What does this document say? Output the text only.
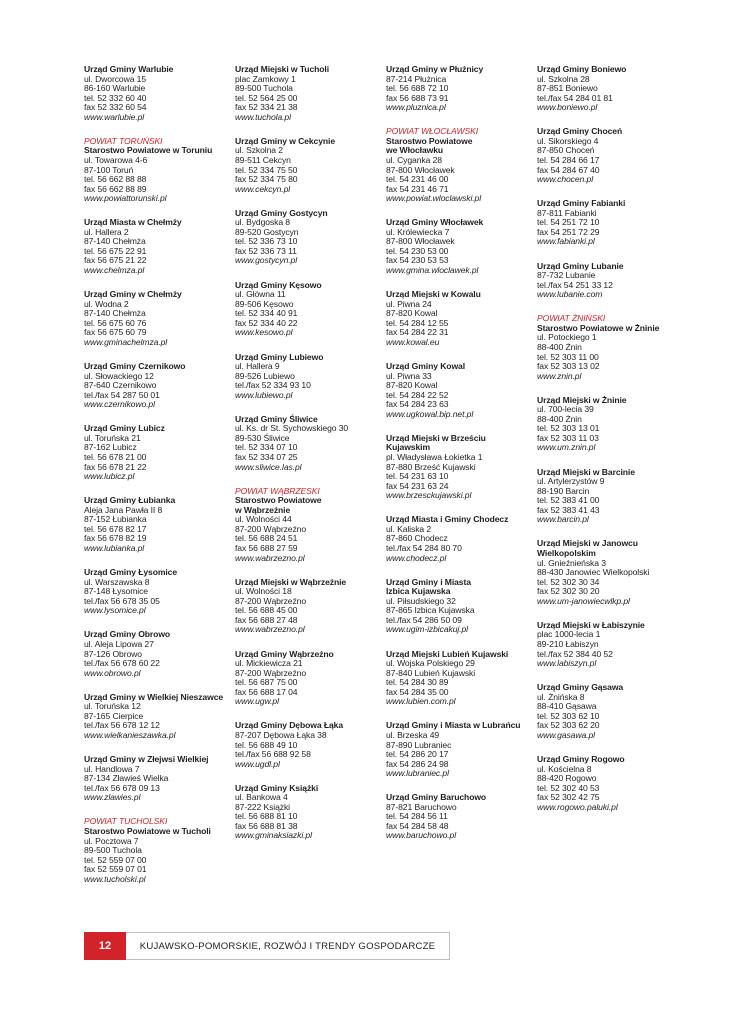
Urząd Gminy Warlubie
ul. Dworcowa 15
86-160 Warlubie
tel. 52 332 60 40
fax 52 332 60 54
www.warlubie.pl
POWIAT TORUŃSKI
Starostwo Powiatowe w Toruniu
ul. Towarowa 4-6
87-100 Toruń
tel. 56 662 88 88
fax 56 662 88 89
www.powiattorunski.pl
Urząd Miasta w Chełmży
ul. Hallera 2
87-140 Chełmża
tel. 56 675 22 91
fax 56 675 21 22
www.chelmza.pl
Urząd Gminy w Chełmży
ul. Wodna 2
87-140 Chełmża
tel. 56 675 60 76
fax 56 675 60 79
www.gminachelmza.pl
Urząd Gminy Czernikowo
ul. Słowackiego 12
87-640 Czernikowo
tel./fax 54 287 50 01
www.czernikowo.pl
Urząd Gminy Lubicz
ul. Toruńska 21
87-162 Lubicz
tel. 56 678 21 00
fax 56 678 21 22
www.lubicz.pl
Urząd Gminy Łubianka
Aleja Jana Pawła II 8
87-152 Łubianka
tel. 56 678 82 17
fax 56 678 82 19
www.lubianka.pl
Urząd Gminy Łysomice
ul. Warszawska 8
87-148 Łysomice
tel./fax 56 678 35 05
www.lysomice.pl
Urząd Gminy Obrowo
ul. Aleja Lipowa 27
87-126 Obrowo
tel./fax 56 678 60 22
www.obrowo.pl
Urząd Gminy w Wielkiej Nieszawce
ul. Toruńska 12
87-165 Cierpice
tel./fax 56 678 12 12
www.wielkanieszawka.pl
Urząd Gminy w Złejwsi Wielkiej
ul. Handlowa 7
87-134 Zławieś Wielka
tel./fax 56 678 09 13
www.zlawies.pl
POWIAT TUCHOLSKI
Starostwo Powiatowe w Tucholi
ul. Pocztowa 7
89-500 Tuchola
tel. 52 559 07 00
fax 52 559 07 01
www.tucholski.pl
Urząd Miejski w Tucholi
plac Zamkowy 1
89-500 Tuchola
tel. 52 564 25 00
fax 52 334 21 38
www.tuchola.pl
Urząd Gminy w Cekcynie
ul. Szkolna 2
89-511 Cekcyn
tel. 52 334 75 50
fax 52 334 75 80
www.cekcyn.pl
Urząd Gminy Gostycyn
ul. Bydgoska 8
89-520 Gostycyn
tel. 52 336 73 10
fax 52 336 73 11
www.gostycyn.pl
Urząd Gminy Kęsowo
ul. Główna 11
89-506 Kęsowo
tel. 52 334 40 91
fax 52 334 40 22
www.kesowo.pl
Urząd Gminy Lubiewo
ul. Hallera 9
89-526 Lubiewo
tel./fax 52 334 93 10
www.lubiewo.pl
Urząd Gminy Śliwice
ul. Ks. dr St. Sychowskiego 30
89-530 Śliwice
tel. 52 334 07 10
fax 52 334 07 25
www.sliwice.las.pl
POWIAT WĄBRZESKI
Starostwo Powiatowe
w Wąbrzeźnie
ul. Wolności 44
87-200 Wąbrzeźno
tel. 56 688 24 51
fax 56 688 27 59
www.wabrzezno.pl
Urząd Miejski w Wąbrzeźnie
ul. Wolności 18
87-200 Wąbrzeźno
tel. 56 688 45 00
fax 56 688 27 48
www.wabrzezno.pl
Urząd Gminy Wąbrzeźno
ul. Mickiewicza 21
87-200 Wąbrzeźno
tel. 56 687 75 00
fax 56 688 17 04
www.ugw.pl
Urząd Gminy Dębowa Łąka
87-207 Dębowa Łąka 38
tel. 56 688 49 10
tel./fax 56 688 92 58
www.ugdl.pl
Urząd Gminy Książki
ul. Bankowa 4
87-222 Książki
tel. 56 688 81 10
fax 56 688 81 38
www.gminaksiazki.pl
Urząd Gminy w Płużnicy
87-214 Płużnica
tel. 56 688 72 10
fax 56 688 73 91
www.pluznica.pl
POWIAT WŁOCŁAWSKI
Starostwo Powiatowe
we Włocławku
ul. Cyganka 28
87-800 Włocławek
tel. 54 231 46 00
fax 54 231 46 71
www.powiat.wloclawski.pl
Urząd Gminy Włocławek
ul. Królewiecka 7
87-800 Włocławek
tel. 54 230 53 00
fax 54 230 53 53
www.gmina.wloclawek.pl
Urząd Miejski w Kowalu
ul. Piwna 24
87-820 Kowal
tel. 54 284 12 55
fax 54 284 22 31
www.kowal.eu
Urząd Gminy Kowal
ul. Piwna 33
87-820 Kowal
tel. 54 284 22 52
fax 54 284 23 63
www.ugkowal.bip.net.pl
Urząd Miejski w Brześciu
Kujawskim
pl. Władysława Łokietka 1
87-880 Brześć Kujawski
tel. 54 231 63 10
fax 54 231 63 24
www.brzesckujawski.pl
Urząd Miasta i Gminy Chodecz
ul. Kaliska 2
87-860 Chodecz
tel./fax 54 284 80 70
www.chodecz.pl
Urząd Gminy i Miasta
Izbica Kujawska
ul. Piłsudskiego 32
87-865 Izbica Kujawska
tel./fax 54 286 50 09
www.ugim-izbicakuj.pl
Urząd Miejski Lubień Kujawski
ul. Wojska Polskiego 29
87-840 Lubień Kujawski
tel. 54 284 30 89
fax 54 284 35 00
www.lubien.com.pl
Urząd Gminy i Miasta w Lubrańcu
ul. Brzeska 49
87-890 Lubraniec
tel. 54 286 20 17
fax 54 286 24 98
www.lubraniec.pl
Urząd Gminy Baruchowo
87-821 Baruchowo
tel. 54 284 56 11
fax 54 284 58 48
www.baruchowo.pl
Urząd Gminy Boniewo
ul. Szkolna 28
87-851 Boniewo
tel./fax 54 284 01 81
www.boniewo.pl
Urząd Gminy Choceń
ul. Sikorskiego 4
87-850 Choceń
tel. 54 284 66 17
fax 54 284 67 40
www.chocen.pl
Urząd Gminy Fabianki
87-811 Fabianki
tel. 54 251 72 10
fax 54 251 72 29
www.fabianki.pl
Urząd Gminy Lubanie
87-732 Lubanie
tel./fax 54 251 33 12
www.lubanie.com
POWIAT ŻNIŃSKI
Starostwo Powiatowe w Żninie
ul. Potockiego 1
88-400 Żnin
tel. 52 303 11 00
fax 52 303 13 02
www.znin.pl
Urząd Miejski w Żninie
ul. 700-lecia 39
88-400 Żnin
tel. 52 303 13 01
fax 52 303 11 03
www.um.znin.pl
Urząd Miejski w Barcinie
ul. Artylerzystów 9
88-190 Barcin
tel. 52 383 41 00
fax 52 383 41 43
www.barcin.pl
Urząd Miejski w Janowcu
Wielkopolskim
ul. Gnieźnieńska 3
88-430 Janowiec Wielkopolski
tel. 52 302 30 34
fax 52 302 30 20
www.um-janowiecwlkp.pl
Urząd Miejski w Łabiszynie
plac 1000-lecia 1
89-210 Łabiszyn
tel./fax 52 384 40 52
www.labiszyn.pl
Urząd Gminy Gąsawa
ul. Żnińska 8
88-410 Gąsawa
tel. 52 303 62 10
fax 52 303 62 20
www.gasawa.pl
Urząd Gminy Rogowo
ul. Kościelna 8
88-420 Rogowo
tel. 52 302 40 53
fax 52 302 42 75
www.rogowo.paluki.pl
12	KUJAWSKO-POMORSKIE, ROZWÓJ I TRENDY GOSPODARCZE
